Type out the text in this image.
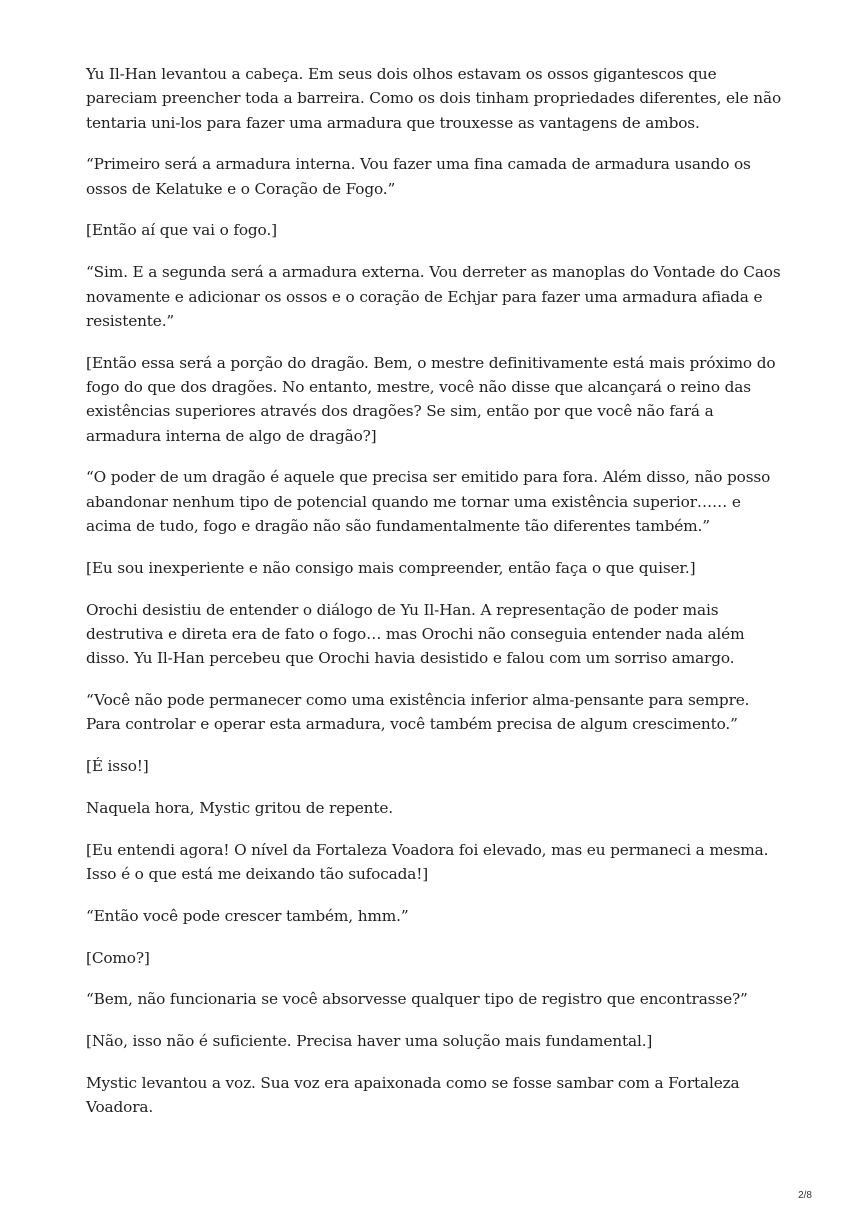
Yu Il-Han levantou a cabeça. Em seus dois olhos estavam os ossos gigantescos que pareciam preencher toda a barreira. Como os dois tinham propriedades diferentes, ele não tentaria uni-los para fazer uma armadura que trouxesse as vantagens de ambos.

“Primeiro será a armadura interna. Vou fazer uma fina camada de armadura usando os ossos de Kelatuke e o Coração de Fogo.”

[Então aí que vai o fogo.]

“Sim. E a segunda será a armadura externa. Vou derreter as manoplas do Vontade do Caos novamente e adicionar os ossos e o coração de Echjar para fazer uma armadura afiada e resistente.”

[Então essa será a porção do dragão. Bem, o mestre definitivamente está mais próximo do fogo do que dos dragões. No entanto, mestre, você não disse que alcançará o reino das existências superiores através dos dragões? Se sim, então por que você não fará a armadura interna de algo de dragão?]

“O poder de um dragão é aquele que precisa ser emitido para fora. Além disso, não posso abandonar nenhum tipo de potencial quando me tornar uma existência superior…… e acima de tudo, fogo e dragão não são fundamentalmente tão diferentes também.”

[Eu sou inexperiente e não consigo mais compreender, então faça o que quiser.]

Orochi desistiu de entender o diálogo de Yu Il-Han. A representação de poder mais destrutiva e direta era de fato o fogo… mas Orochi não conseguia entender nada além disso. Yu Il-Han percebeu que Orochi havia desistido e falou com um sorriso amargo.

“Você não pode permanecer como uma existência inferior alma-pensante para sempre. Para controlar e operar esta armadura, você também precisa de algum crescimento.”

[É isso!]

Naquela hora, Mystic gritou de repente.

[Eu entendi agora! O nível da Fortaleza Voadora foi elevado, mas eu permaneci a mesma. Isso é o que está me deixando tão sufocada!]

“Então você pode crescer também, hmm.”

[Como?]

“Bem, não funcionaria se você absorvesse qualquer tipo de registro que encontrasse?”

[Não, isso não é suficiente. Precisa haver uma solução mais fundamental.]

Mystic levantou a voz. Sua voz era apaixonada como se fosse sambar com a Fortaleza Voadora.

2/8
